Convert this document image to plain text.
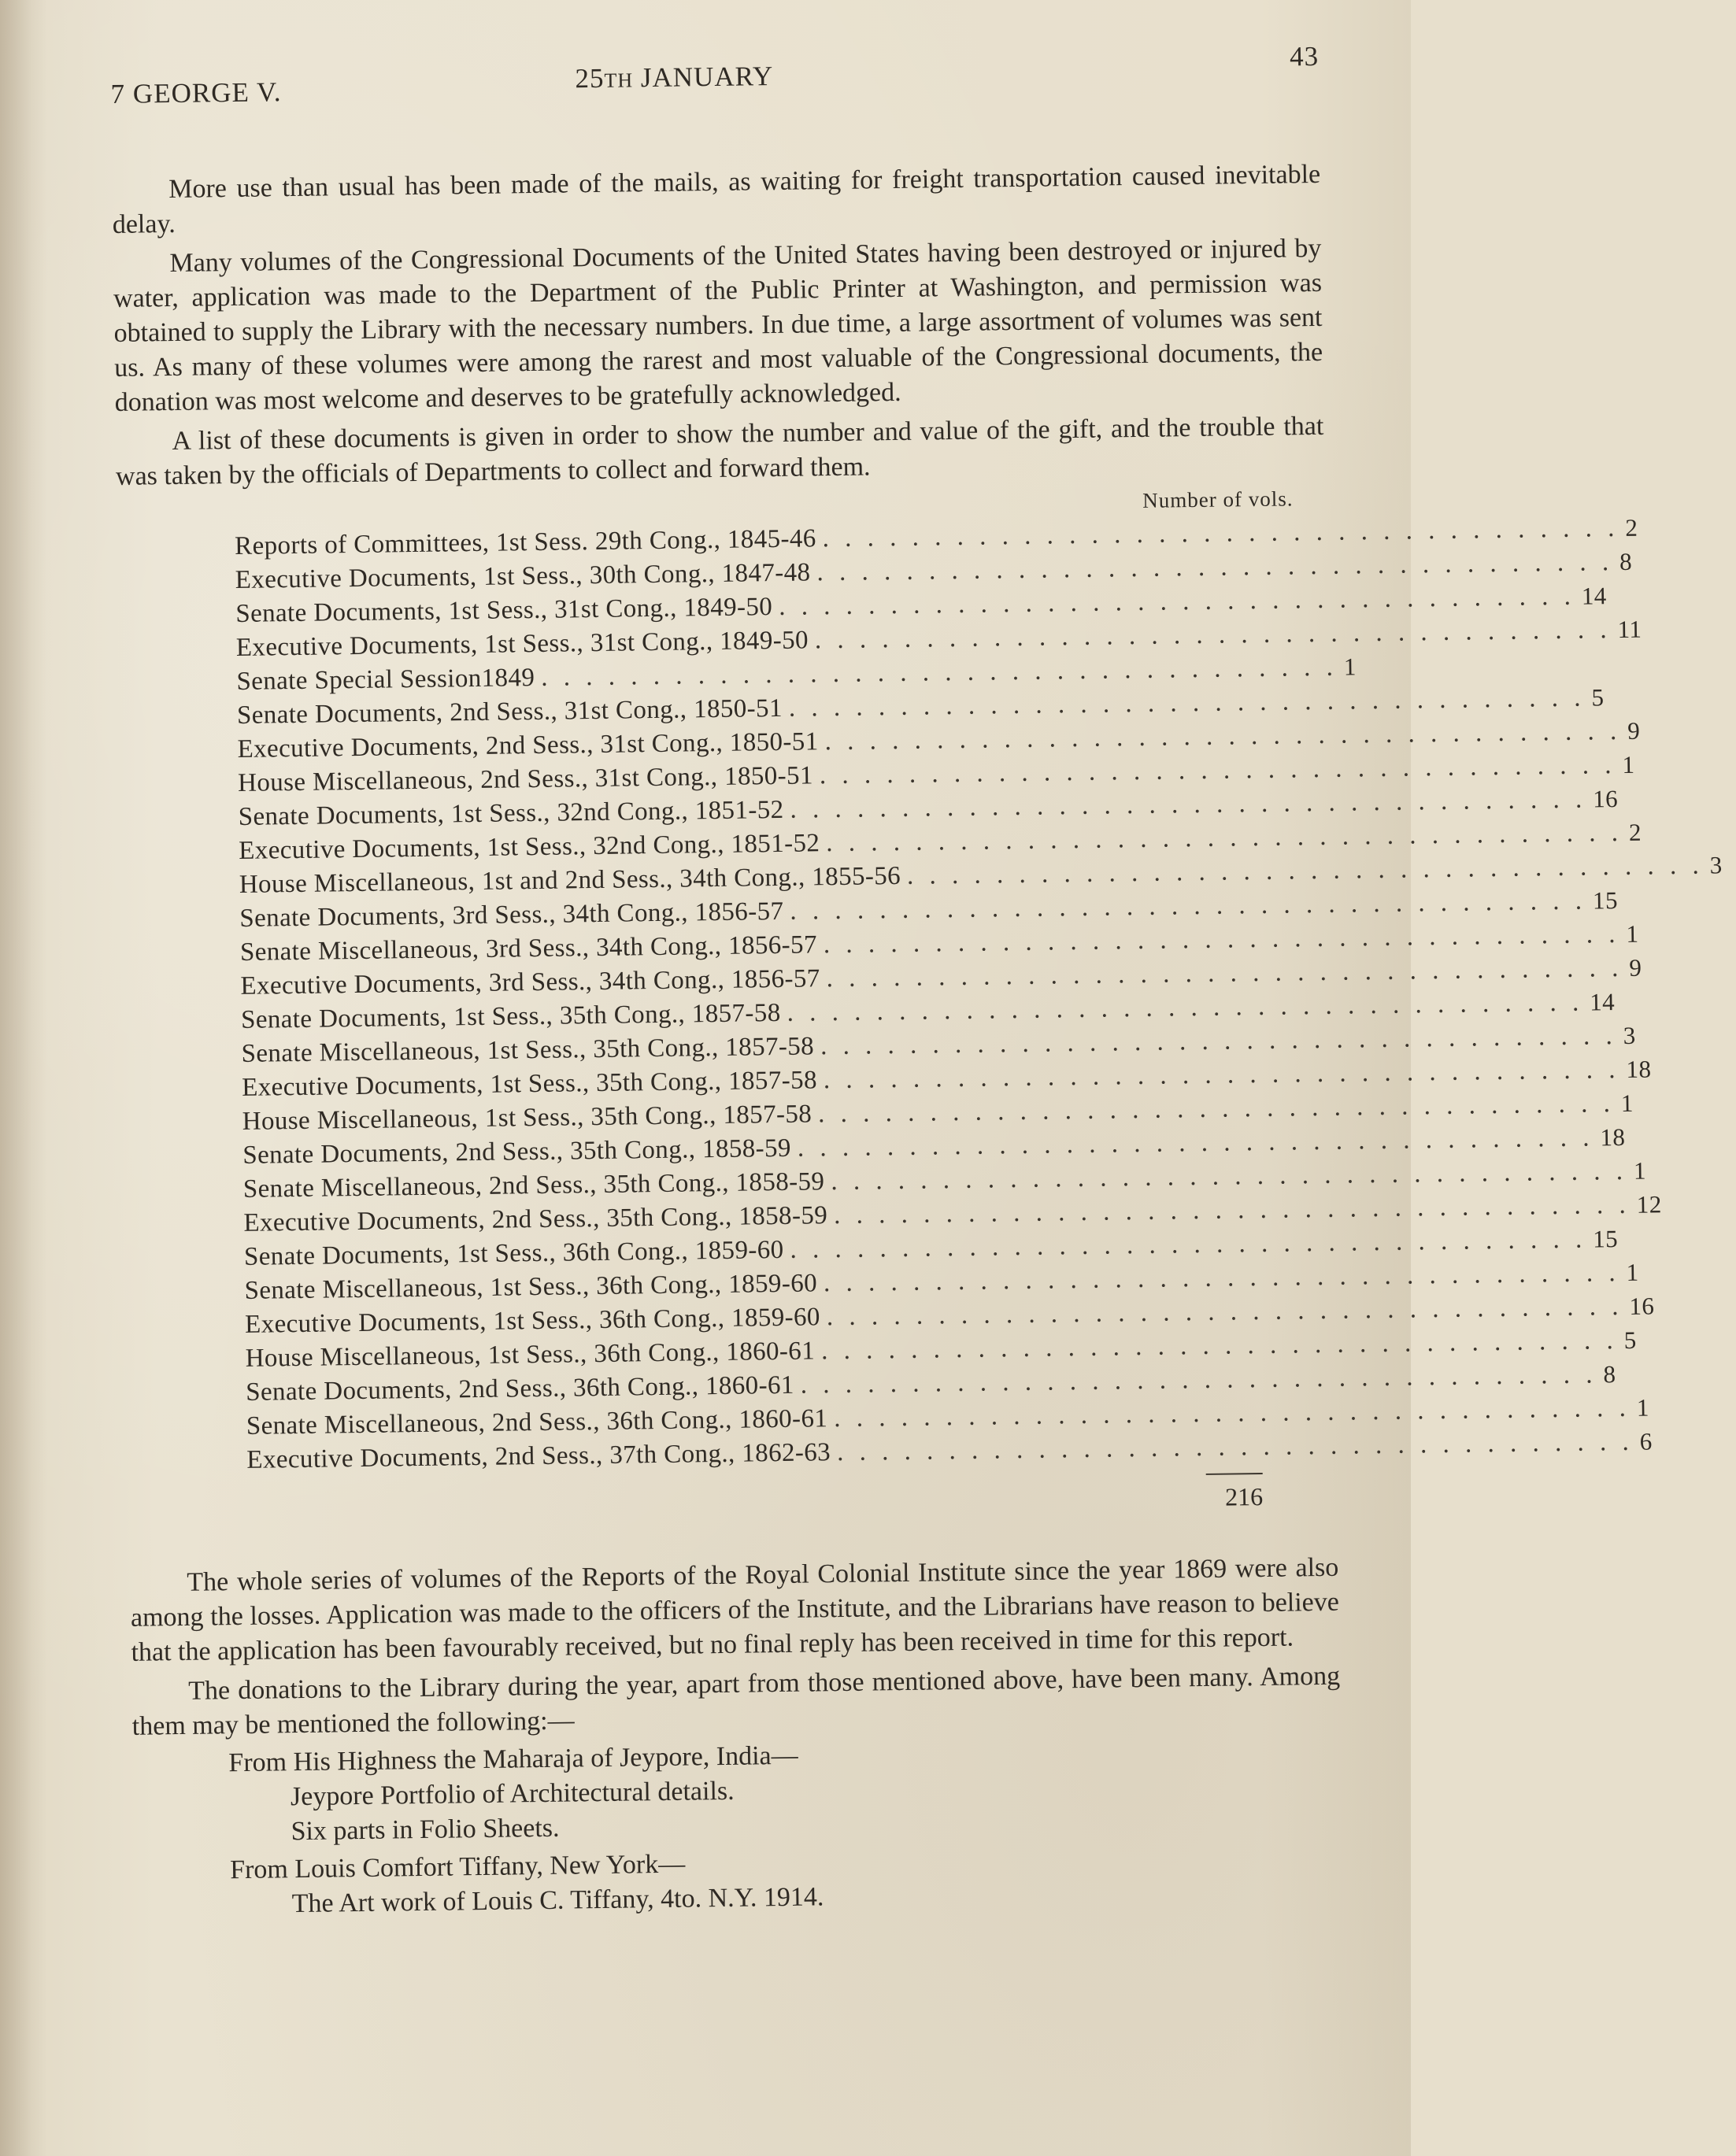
7 GEORGE V.	25TH JANUARY
43

More use than usual has been made of the mails, as waiting for freight transportation caused inevitable delay.

Many volumes of the Congressional Documents of the United States having been destroyed or injured by water, application was made to the Department of the Public Printer at Washington, and permission was obtained to supply the Library with the necessary numbers. In due time, a large assortment of volumes was sent us. As many of these volumes were among the rarest and most valuable of the Congressional documents, the donation was most welcome and deserves to be gratefully acknowledged.

A list of these documents is given in order to show the number and value of the gift, and the trouble that was taken by the officials of Departments to collect and forward them.

Number of vols.
Reports of Committees, 1st Sess. 29th Cong., 1845-46 . . . . . . . . . . . . . . . . . . . . . . . . . . . . . . . . . . . . 2
Executive Documents, 1st Sess., 30th Cong., 1847-48 . . . . . . . . . . . . . . . . . . . . . . . . . . . . . . . . . . . . 8
Senate Documents, 1st Sess., 31st Cong., 1849-50 . . . . . . . . . . . . . . . . . . . . . . . . . . . . . . . . . . . . 14
Executive Documents, 1st Sess., 31st Cong., 1849-50 . . . . . . . . . . . . . . . . . . . . . . . . . . . . . . . . . . . . 11
Senate Special Session 1849 . . . . . . . . . . . . . . . . . . . . . . . . . . . . . . . . . . . . 1
Senate Documents, 2nd Sess., 31st Cong., 1850-51 . . . . . . . . . . . . . . . . . . . . . . . . . . . . . . . . . . . . 5
Executive Documents, 2nd Sess., 31st Cong., 1850-51 . . . . . . . . . . . . . . . . . . . . . . . . . . . . . . . . . . . . 9
House Miscellaneous, 2nd Sess., 31st Cong., 1850-51 . . . . . . . . . . . . . . . . . . . . . . . . . . . . . . . . . . . . 1
Senate Documents, 1st Sess., 32nd Cong., 1851-52 . . . . . . . . . . . . . . . . . . . . . . . . . . . . . . . . . . . . 16
Executive Documents, 1st Sess., 32nd Cong., 1851-52 . . . . . . . . . . . . . . . . . . . . . . . . . . . . . . . . . . . . 2
House Miscellaneous, 1st and 2nd Sess., 34th Cong., 1855-56 . . . . . . . . . . . . . . . . . . . . . . . . . . . . . . . . . . . . 3
Senate Documents, 3rd Sess., 34th Cong., 1856-57 . . . . . . . . . . . . . . . . . . . . . . . . . . . . . . . . . . . . 15
Senate Miscellaneous, 3rd Sess., 34th Cong., 1856-57 . . . . . . . . . . . . . . . . . . . . . . . . . . . . . . . . . . . . 1
Executive Documents, 3rd Sess., 34th Cong., 1856-57 . . . . . . . . . . . . . . . . . . . . . . . . . . . . . . . . . . . . 9
Senate Documents, 1st Sess., 35th Cong., 1857-58 . . . . . . . . . . . . . . . . . . . . . . . . . . . . . . . . . . . . 14
Senate Miscellaneous, 1st Sess., 35th Cong., 1857-58 . . . . . . . . . . . . . . . . . . . . . . . . . . . . . . . . . . . . 3
Executive Documents, 1st Sess., 35th Cong., 1857-58 . . . . . . . . . . . . . . . . . . . . . . . . . . . . . . . . . . . . 18
House Miscellaneous, 1st Sess., 35th Cong., 1857-58 . . . . . . . . . . . . . . . . . . . . . . . . . . . . . . . . . . . . 1
Senate Documents, 2nd Sess., 35th Cong., 1858-59 . . . . . . . . . . . . . . . . . . . . . . . . . . . . . . . . . . . . 18
Senate Miscellaneous, 2nd Sess., 35th Cong., 1858-59 . . . . . . . . . . . . . . . . . . . . . . . . . . . . . . . . . . . . 1
Executive Documents, 2nd Sess., 35th Cong., 1858-59 . . . . . . . . . . . . . . . . . . . . . . . . . . . . . . . . . . . . 12
Senate Documents, 1st Sess., 36th Cong., 1859-60 . . . . . . . . . . . . . . . . . . . . . . . . . . . . . . . . . . . . 15
Senate Miscellaneous, 1st Sess., 36th Cong., 1859-60 . . . . . . . . . . . . . . . . . . . . . . . . . . . . . . . . . . . . 1
Executive Documents, 1st Sess., 36th Cong., 1859-60 . . . . . . . . . . . . . . . . . . . . . . . . . . . . . . . . . . . . 16
House Miscellaneous, 1st Sess., 36th Cong., 1860-61 . . . . . . . . . . . . . . . . . . . . . . . . . . . . . . . . . . . . 5
Senate Documents, 2nd Sess., 36th Cong., 1860-61 . . . . . . . . . . . . . . . . . . . . . . . . . . . . . . . . . . . . 8
Senate Miscellaneous, 2nd Sess., 36th Cong., 1860-61 . . . . . . . . . . . . . . . . . . . . . . . . . . . . . . . . . . . . 1
Executive Documents, 2nd Sess., 37th Cong., 1862-63 . . . . . . . . . . . . . . . . . . . . . . . . . . . . . . . . . . . . 6
216

The whole series of volumes of the Reports of the Royal Colonial Institute since the year 1869 were also among the losses. Application was made to the officers of the Institute, and the Librarians have reason to believe that the application has been favourably received, but no final reply has been received in time for this report.

The donations to the Library during the year, apart from those mentioned above, have been many. Among them may be mentioned the following:—

From His Highness the Maharaja of Jeypore, India—
Jeypore Portfolio of Architectural details.
Six parts in Folio Sheets.
From Louis Comfort Tiffany, New York—
The Art work of Louis C. Tiffany, 4to. N.Y. 1914.
